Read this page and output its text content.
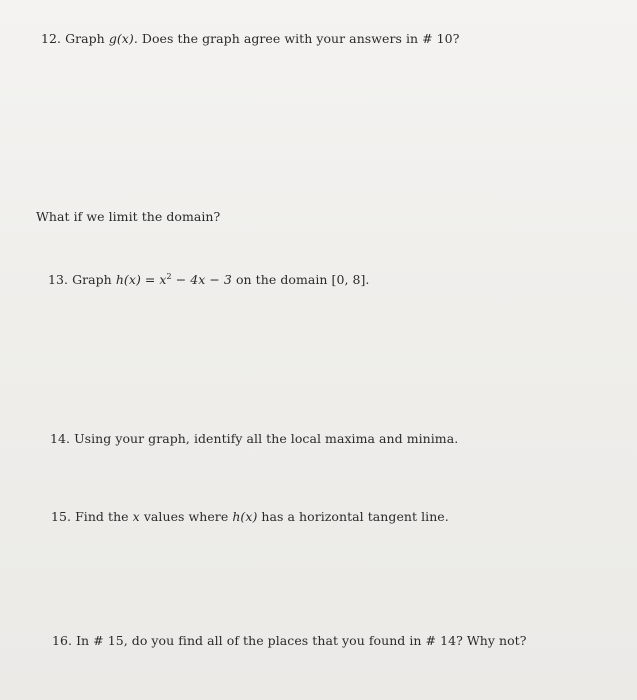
12. Graph g(x). Does the graph agree with your answers in # 10?
What if we limit the domain?
13. Graph $h(x) = x^2 - 4x - 3$ on the domain [0, 8].
14. Using your graph, identify all the local maxima and minima.
15. Find the x values where h(x) has a horizontal tangent line.
16. In # 15, do you find all of the places that you found in # 14? Why not?
